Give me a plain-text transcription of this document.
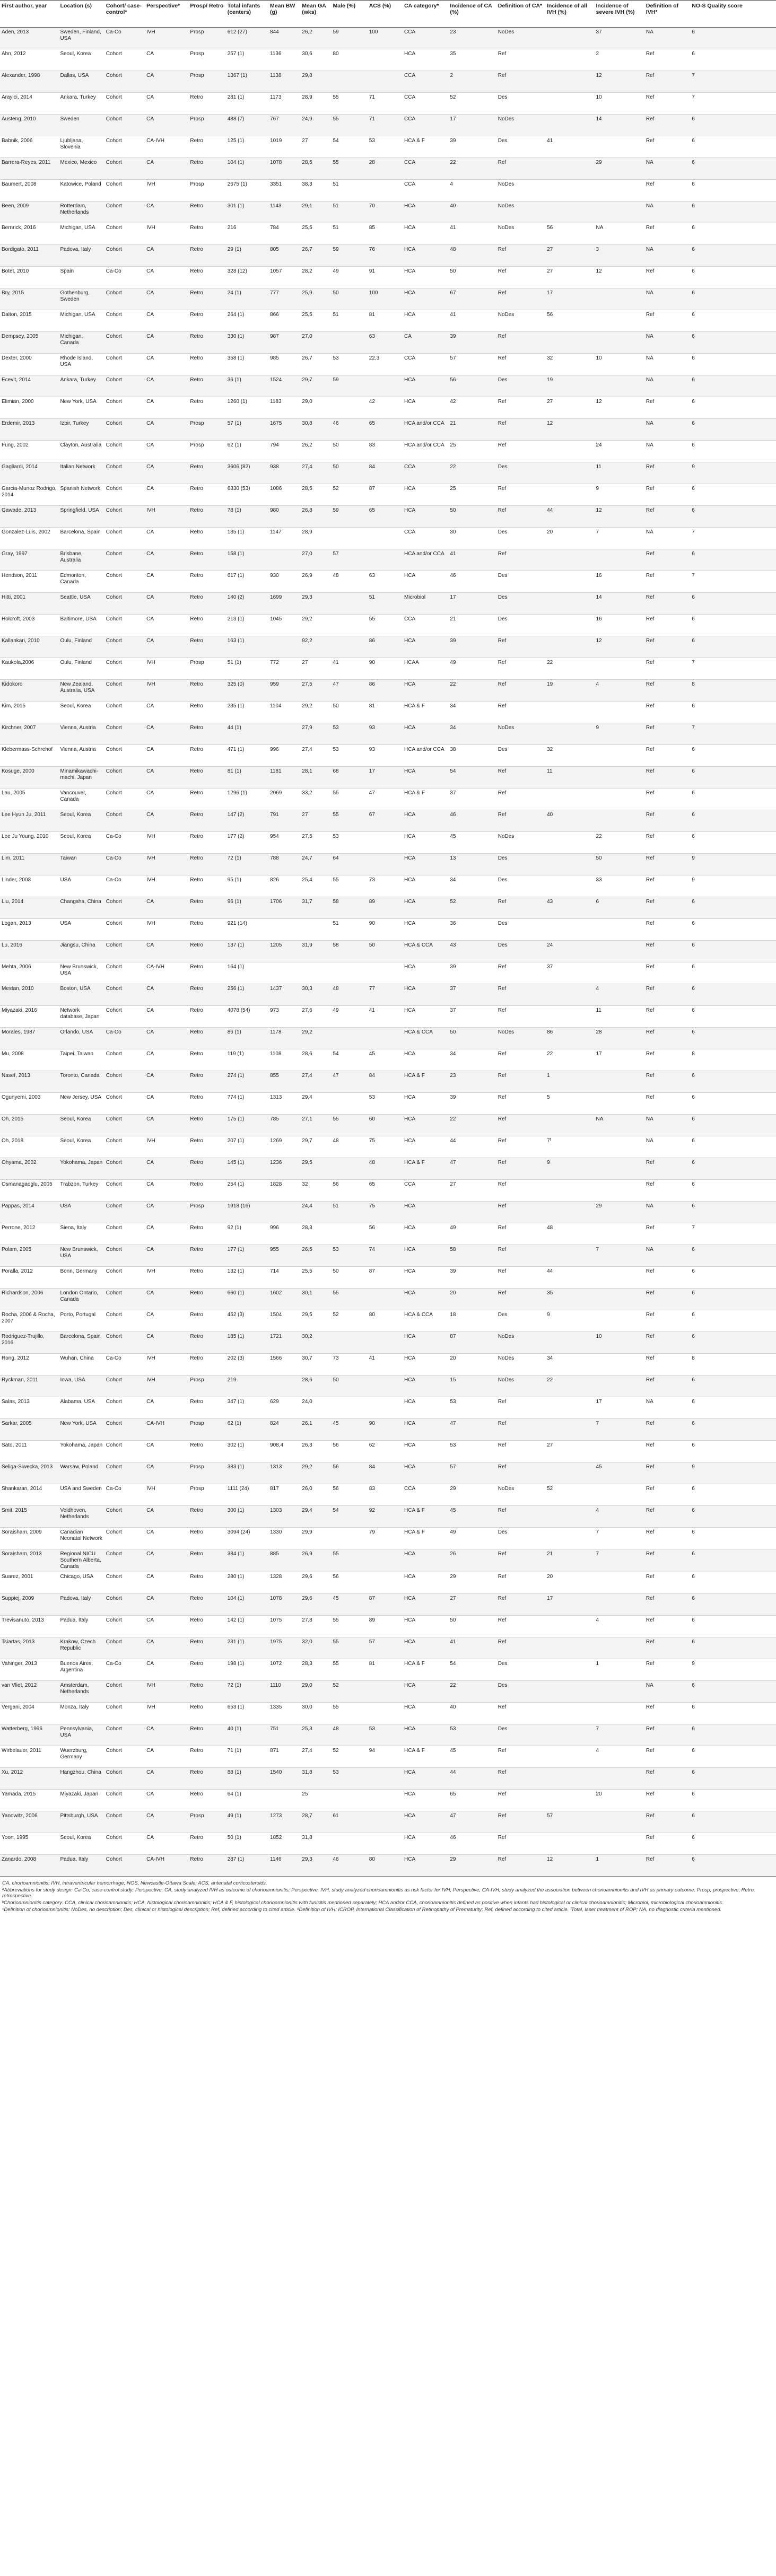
First author, year	Location (s)	Cohort/ case-control*	Perspective*	Prosp/ Retro	Total infants (centers)	Mean BW (g)	Mean GA (wks)	Male (%)	ACS (%)	CA category*	Incidence of CA (%)	Definition of CA*	Incidence of all IVH (%)	Incidence of severe IVH (%)	Definition of IVH*	NO-S Quality score
Aden, 2013	Sweden, Finland, USA	Ca-Co	IVH	Prosp	612 (27)	844	26,2	59	100	CCA	23	NoDes		37	NA	6
Ahn, 2012	Seoul, Korea	Cohort	CA	Prosp	257 (1)	1136	30,6	80		HCA	35	Ref		2	Ref	6
Alexander, 1998	Dallas, USA	Cohort	CA	Prosp	1367 (1)	1138	29,8			CCA	2	Ref		12	Ref	7
Arayici, 2014	Ankara, Turkey	Cohort	CA	Retro	281 (1)	1173	28,9	55	71	CCA	52	Des		10	Ref	7
Austeng, 2010	Sweden	Cohort	CA	Prosp	488 (7)	767	24,9	55	71	CCA	17	NoDes		14	Ref	6
Babnik, 2006	Ljubljana, Slovenia	Cohort	CA-IVH	Retro	125 (1)	1019	27	54	53	HCA & F	39	Des	41		Ref	6
Barrera-Reyes, 2011	Mexico, Mexico	Cohort	CA	Retro	104 (1)	1078	28,5	55	28	CCA	22	Ref		29	NA	6
Baumert, 2008	Katowice, Poland	Cohort	IVH	Prosp	2675 (1)	3351	38,3	51		CCA	4	NoDes			Ref	6
Been, 2009	Rotterdam, Netherlands	Cohort	CA	Retro	301 (1)	1143	29,1	51	70	HCA	40	NoDes			NA	6
Bernrick, 2016	Michigan, USA	Cohort	IVH	Retro	216	784	25,5	51	85	HCA	41	NoDes	56	NA	Ref	6
Bordigato, 2011	Padova, Italy	Cohort	CA	Retro	29 (1)	805	26,7	59	76	HCA	48	Ref	27	3	NA	6
Botet, 2010	Spain	Ca-Co	CA	Retro	328 (12)	1057	28,2	49	91	HCA	50	Ref	27	12	Ref	6
Bry, 2015	Gothenburg, Sweden	Cohort	CA	Retro	24 (1)	777	25,9	50	100	HCA	67	Ref	17		NA	6
Dalton, 2015	Michigan, USA	Cohort	CA	Retro	264 (1)	866	25,5	51	81	HCA	41	NoDes	56		Ref	6
Dempsey, 2005	Michigan, Canada	Cohort	CA	Retro	330 (1)	987	27,0		63	CA	39	Ref			NA	6
Dexter, 2000	Rhode Island, USA	Cohort	CA	Retro	358 (1)	985	26,7	53	22,3	CCA	57	Ref	32	10	NA	6
Ecevit, 2014	Ankara, Turkey	Cohort	CA	Retro	36 (1)	1524	29,7	59		HCA	56	Des	19		NA	6
Elimian, 2000	New York, USA	Cohort	CA	Retro	1260 (1)	1183	29,0		42	HCA	42	Ref	27	12	Ref	6
Erdemir, 2013	Izbir, Turkey	Cohort	CA	Prosp	57 (1)	1675	30,8	46	65	HCA and/or CCA	21	Ref	12		NA	6
Fung, 2002	Clayton, Australia	Cohort	CA	Prosp	62 (1)	794	26,2	50	83	HCA and/or CCA	25	Ref		24	NA	6
Gagliardi, 2014	Italian Network	Cohort	CA	Retro	3606 (82)	938	27,4	50	84	CCA	22	Des		11	Ref	9
Garcia-Munoz Rodrigo, 2014	Spanish Network	Cohort	CA	Retro	6330 (53)	1086	28,5	52	87	HCA	25	Ref		9	Ref	6
Gawade, 2013	Springfield, USA	Cohort	IVH	Retro	78 (1)	980	26,8	59	65	HCA	50	Ref	44	12	Ref	6
Gonzalez-Luis, 2002	Barcelona, Spain	Cohort	CA	Retro	135 (1)	1147	28,9			CCA	30	Des	20	7	NA	7
Gray, 1997	Brisbane, Australia	Cohort	CA	Retro	158 (1)		27,0	57		HCA and/or CCA	41	Ref			Ref	6
Hendson, 2011	Edmonton, Canada	Cohort	CA	Retro	617 (1)	930	26,9	48	63	HCA	46	Des		16	Ref	7
Hitti, 2001	Seattle, USA	Cohort	CA	Retro	140 (2)	1699	29,3		51	Microbiol	17	Des		14	Ref	6
Holcroft, 2003	Baltimore, USA	Cohort	CA	Retro	213 (1)	1045	29,2		55	CCA	21	Des		16	Ref	6
Kallankari, 2010	Oulu, Finland	Cohort	CA	Retro	163 (1)		92,2		86	HCA	39	Ref		12	Ref	6
Kaukola,2006	Oulu, Finland	Cohort	IVH	Prosp	51 (1)	772	27	41	90	HCAA	49	Ref	22		Ref	7
Kidokoro	New Zealand, Australia, USA	Cohort	IVH	Retro	325 (0)	959	27,5	47	86	HCA	22	Ref	19	4	Ref	8
Kim, 2015	Seoul, Korea	Cohort	CA	Retro	235 (1)	1104	29,2	50	81	HCA & F	34	Ref			Ref	6
Kirchner, 2007	Vienna, Austria	Cohort	CA	Retro	44 (1)		27,9	53	93	HCA	34	NoDes		9	Ref	7
Klebermass-Schrehof	Vienna, Austria	Cohort	CA	Retro	471 (1)	996	27,4	53	93	HCA and/or CCA	38	Des	32		Ref	6
Kosuge, 2000	Minamikawachi-machi, Japan	Cohort	CA	Retro	81 (1)	1181	28,1	68	17	HCA	54	Ref	11		Ref	6
Lau, 2005	Vancouver, Canada	Cohort	CA	Retro	1296 (1)	2069	33,2	55	47	HCA & F	37	Ref			Ref	6
Lee Hyun Ju, 2011	Seoul, Korea	Cohort	CA	Retro	147 (2)	791	27	55	67	HCA	46	Ref	40		Ref	6
Lee Ju Young, 2010	Seoul, Korea	Ca-Co	IVH	Retro	177 (2)	954	27,5	53		HCA	45	NoDes		22	Ref	6
Lim, 2011	Taiwan	Ca-Co	IVH	Retro	72 (1)	788	24,7	64		HCA	13	Des		50	Ref	9
Linder, 2003	USA	Ca-Co	IVH	Retro	95 (1)	826	25,4	55	73	HCA	34	Des		33	Ref	9
Liu, 2014	Changsha, China	Cohort	CA	Retro	96 (1)	1706	31,7	58	89	HCA	52	Ref	43	6	Ref	6
Logan, 2013	USA	Cohort	IVH	Retro	921 (14)			51	90	HCA	36	Des			Ref	6
Lu, 2016	Jiangsu, China	Cohort	CA	Retro	137 (1)	1205	31,9	58	50	HCA & CCA	43	Des	24		Ref	6
Mehta, 2006	New Brunswick, USA	Cohort	CA-IVH	Retro	164 (1)					HCA	39	Ref	37		Ref	6
Mestan, 2010	Boston, USA	Cohort	CA	Retro	256 (1)	1437	30,3	48	77	HCA	37	Ref		4	Ref	6
Miyazaki, 2016	Network database, Japan	Cohort	CA	Retro	4078 (54)	973	27,6	49	41	HCA	37	Ref		11	Ref	6
Morales, 1987	Orlando, USA	Ca-Co	CA	Retro	86 (1)	1178	29,2			HCA & CCA	50	NoDes	86	28	Ref	6
Mu, 2008	Taipei, Taiwan	Cohort	CA	Retro	119 (1)	1108	28,6	54	45	HCA	34	Ref	22	17	Ref	8
Nasef, 2013	Toronto, Canada	Cohort	CA	Retro	274 (1)	855	27,4	47	84	HCA & F	23	Ref	1		Ref	6
Ogunyemi, 2003	New Jersey, USA	Cohort	CA	Retro	774 (1)	1313	29,4		53	HCA	39	Ref	5		Ref	6
Oh, 2015	Seoul, Korea	Cohort	CA	Retro	175 (1)	785	27,1	55	60	HCA	22	Ref		NA	NA	6
Oh, 2018	Seoul, Korea	Cohort	IVH	Retro	207 (1)	1269	29,7	48	75	HCA	44	Ref	7ᶠ		NA	6
Ohyama, 2002	Yokohama, Japan	Cohort	CA	Retro	145 (1)	1236	29,5		48	HCA & F	47	Ref	9		Ref	6
Osmanagaoglu, 2005	Trabzon, Turkey	Cohort	CA	Retro	254 (1)	1828	32	56	65	CCA	27	Ref			Ref	6
Pappas, 2014	USA	Cohort	CA	Prosp	1918 (16)		24,4	51	75	HCA		Ref		29	NA	6
Perrone, 2012	Siena, Italy	Cohort	CA	Retro	92 (1)	996	28,3		56	HCA	49	Ref	48		Ref	7
Polam, 2005	New Brunswick, USA	Cohort	CA	Retro	177 (1)	955	26,5	53	74	HCA	58	Ref		7	NA	6
Poralla, 2012	Bonn, Germany	Cohort	IVH	Retro	132 (1)	714	25,5	50	87	HCA	39	Ref	44		Ref	6
Richardson, 2006	London Ontario, Canada	Cohort	CA	Retro	660 (1)	1602	30,1	55		HCA	20	Ref	35		Ref	6
Rocha, 2006 & Rocha, 2007	Porto, Portugal	Cohort	CA	Retro	452 (3)	1504	29,5	52	80	HCA & CCA	18	Des	9		Ref	6
Rodriguez-Trujillo, 2016	Barcelona, Spain	Cohort	CA	Retro	185 (1)	1721	30,2			HCA	87	NoDes		10	Ref	6
Rong, 2012	Wuhan, China	Ca-Co	IVH	Retro	202 (3)	1566	30,7	73	41	HCA	20	NoDes	34		Ref	8
Ryckman, 2011	Iowa, USA	Cohort	IVH	Prosp	219		28,6	50		HCA	15	NoDes	22		Ref	6
Salas, 2013	Alabama, USA	Cohort	CA	Retro	347 (1)	629	24,0			HCA	53	Ref		17	NA	6
Sarkar, 2005	New York, USA	Cohort	CA-IVH	Prosp	62 (1)	824	26,1	45	90	HCA	47	Ref		7	Ref	6
Sato, 2011	Yokohama, Japan	Cohort	CA	Retro	302 (1)	908,4	26,3	56	62	HCA	53	Ref	27		Ref	6
Seliga-Siwecka, 2013	Warsaw, Poland	Cohort	CA	Prosp	383 (1)	1313	29,2	56	84	HCA	57	Ref		45	Ref	9
Shankaran, 2014	USA and Sweden	Ca-Co	IVH	Prosp	1111 (24)	817	26,0	56	83	CCA	29	NoDes	52		Ref	6
Smit, 2015	Veldhoven, Netherlands	Cohort	CA	Retro	300 (1)	1303	29,4	54	92	HCA & F	45	Ref		4	Ref	6
Soraisham, 2009	Canadian Neonatal Network	Cohort	CA	Retro	3094 (24)	1330	29,9		79	HCA & F	49	Des		7	Ref	6
Soraisham, 2013	Regional NICU Southern Alberta, Canada	Cohort	CA	Retro	384 (1)	885	26,9	55		HCA	26	Ref	21	7	Ref	6
Suarez, 2001	Chicago, USA	Cohort	CA	Retro	280 (1)	1328	29,6	56		HCA	29	Ref	20		Ref	6
Suppiej, 2009	Padova, Italy	Cohort	CA	Retro	104 (1)	1078	29,6	45	87	HCA	27	Ref	17		Ref	6
Trevisanuto, 2013	Padua, Italy	Cohort	CA	Retro	142 (1)	1075	27,8	55	89	HCA	50	Ref		4	Ref	6
Tsiartas, 2013	Krakow, Czech Republic	Cohort	CA	Retro	231 (1)	1975	32,0	55	57	HCA	41	Ref			Ref	6
Vahinger, 2013	Buenos Aires, Argentina	Ca-Co	CA	Retro	198 (1)	1072	28,3	55	81	HCA & F	54	Des		1	Ref	9
van Vliet, 2012	Amsterdam, Netherlands	Cohort	IVH	Retro	72 (1)	1110	29,0	52		HCA	22	Des			NA	6
Vergani, 2004	Monza, Italy	Cohort	IVH	Retro	653 (1)	1335	30,0	55		HCA	40	Ref			Ref	6
Watterberg, 1996	Pennsylvania, USA	Cohort	CA	Retro	40 (1)	751	25,3	48	53	HCA	53	Des		7	Ref	6
Wirbelauer, 2011	Wuerzburg, Germany	Cohort	CA	Retro	71 (1)	871	27,4	52	94	HCA & F	45	Ref		4	Ref	6
Xu, 2012	Hangzhou, China	Cohort	CA	Retro	88 (1)	1540	31,8	53		HCA	44	Ref			Ref	6
Yamada, 2015	Miyazaki, Japan	Cohort	CA	Retro	64 (1)		25			HCA	65	Ref		20	Ref	6
Yanowitz, 2006	Pittsburgh, USA	Cohort	CA	Prosp	49 (1)	1273	28,7	61		HCA	47	Ref	57		Ref	6
Yoon, 1995	Seoul, Korea	Cohort	CA	Retro	50 (1)	1852	31,8			HCA	46	Ref			Ref	6
Zanardo, 2008	Padua, Italy	Cohort	CA-IVH	Retro	287 (1)	1146	29,3	46	80	HCA	29	Ref	12	1	Ref	6

CA, chorioamnionitis; IVH, intraventricular hemorrhage; NOS, Newcastle-Ottawa Scale; ACS, antenatal corticosteroids.

ᵃAbbreviations for study design: Ca-Co, case-control study; Perspective, CA, study analyzed IVH as outcome of chorioamnionitis; Perspective, IVH, study analyzed chorioamnionitis as risk factor for IVH; Perspective, CA-IVH, study analyzed the association between chorioamnionitis and IVH as primary outcome. Prosp, prospective; Retro, retrospective.

ᵇChorioamnionitis category: CCA, clinical chorioamnionitis; HCA, histological chorioamnionitis; HCA & F, histological chorioamnionitis with funisitis mentioned separately; HCA and/or CCA, chorioamnionitis defined as positive when infants had histological or clinical chorioamnionitis; Microbiol, microbiological chorioamnionitis.

ᶜDefinition of chorioamnionitis: NoDes, no description; Des, clinical or histological description; Ref, defined according to cited article. ᵈDefinition of IVH: ICROP, International Classification of Retinopathy of Prematurity; Ref, defined according to cited article. ᶠTotal, laser treatment of ROP; NA, no diagnostic criteria mentioned.
